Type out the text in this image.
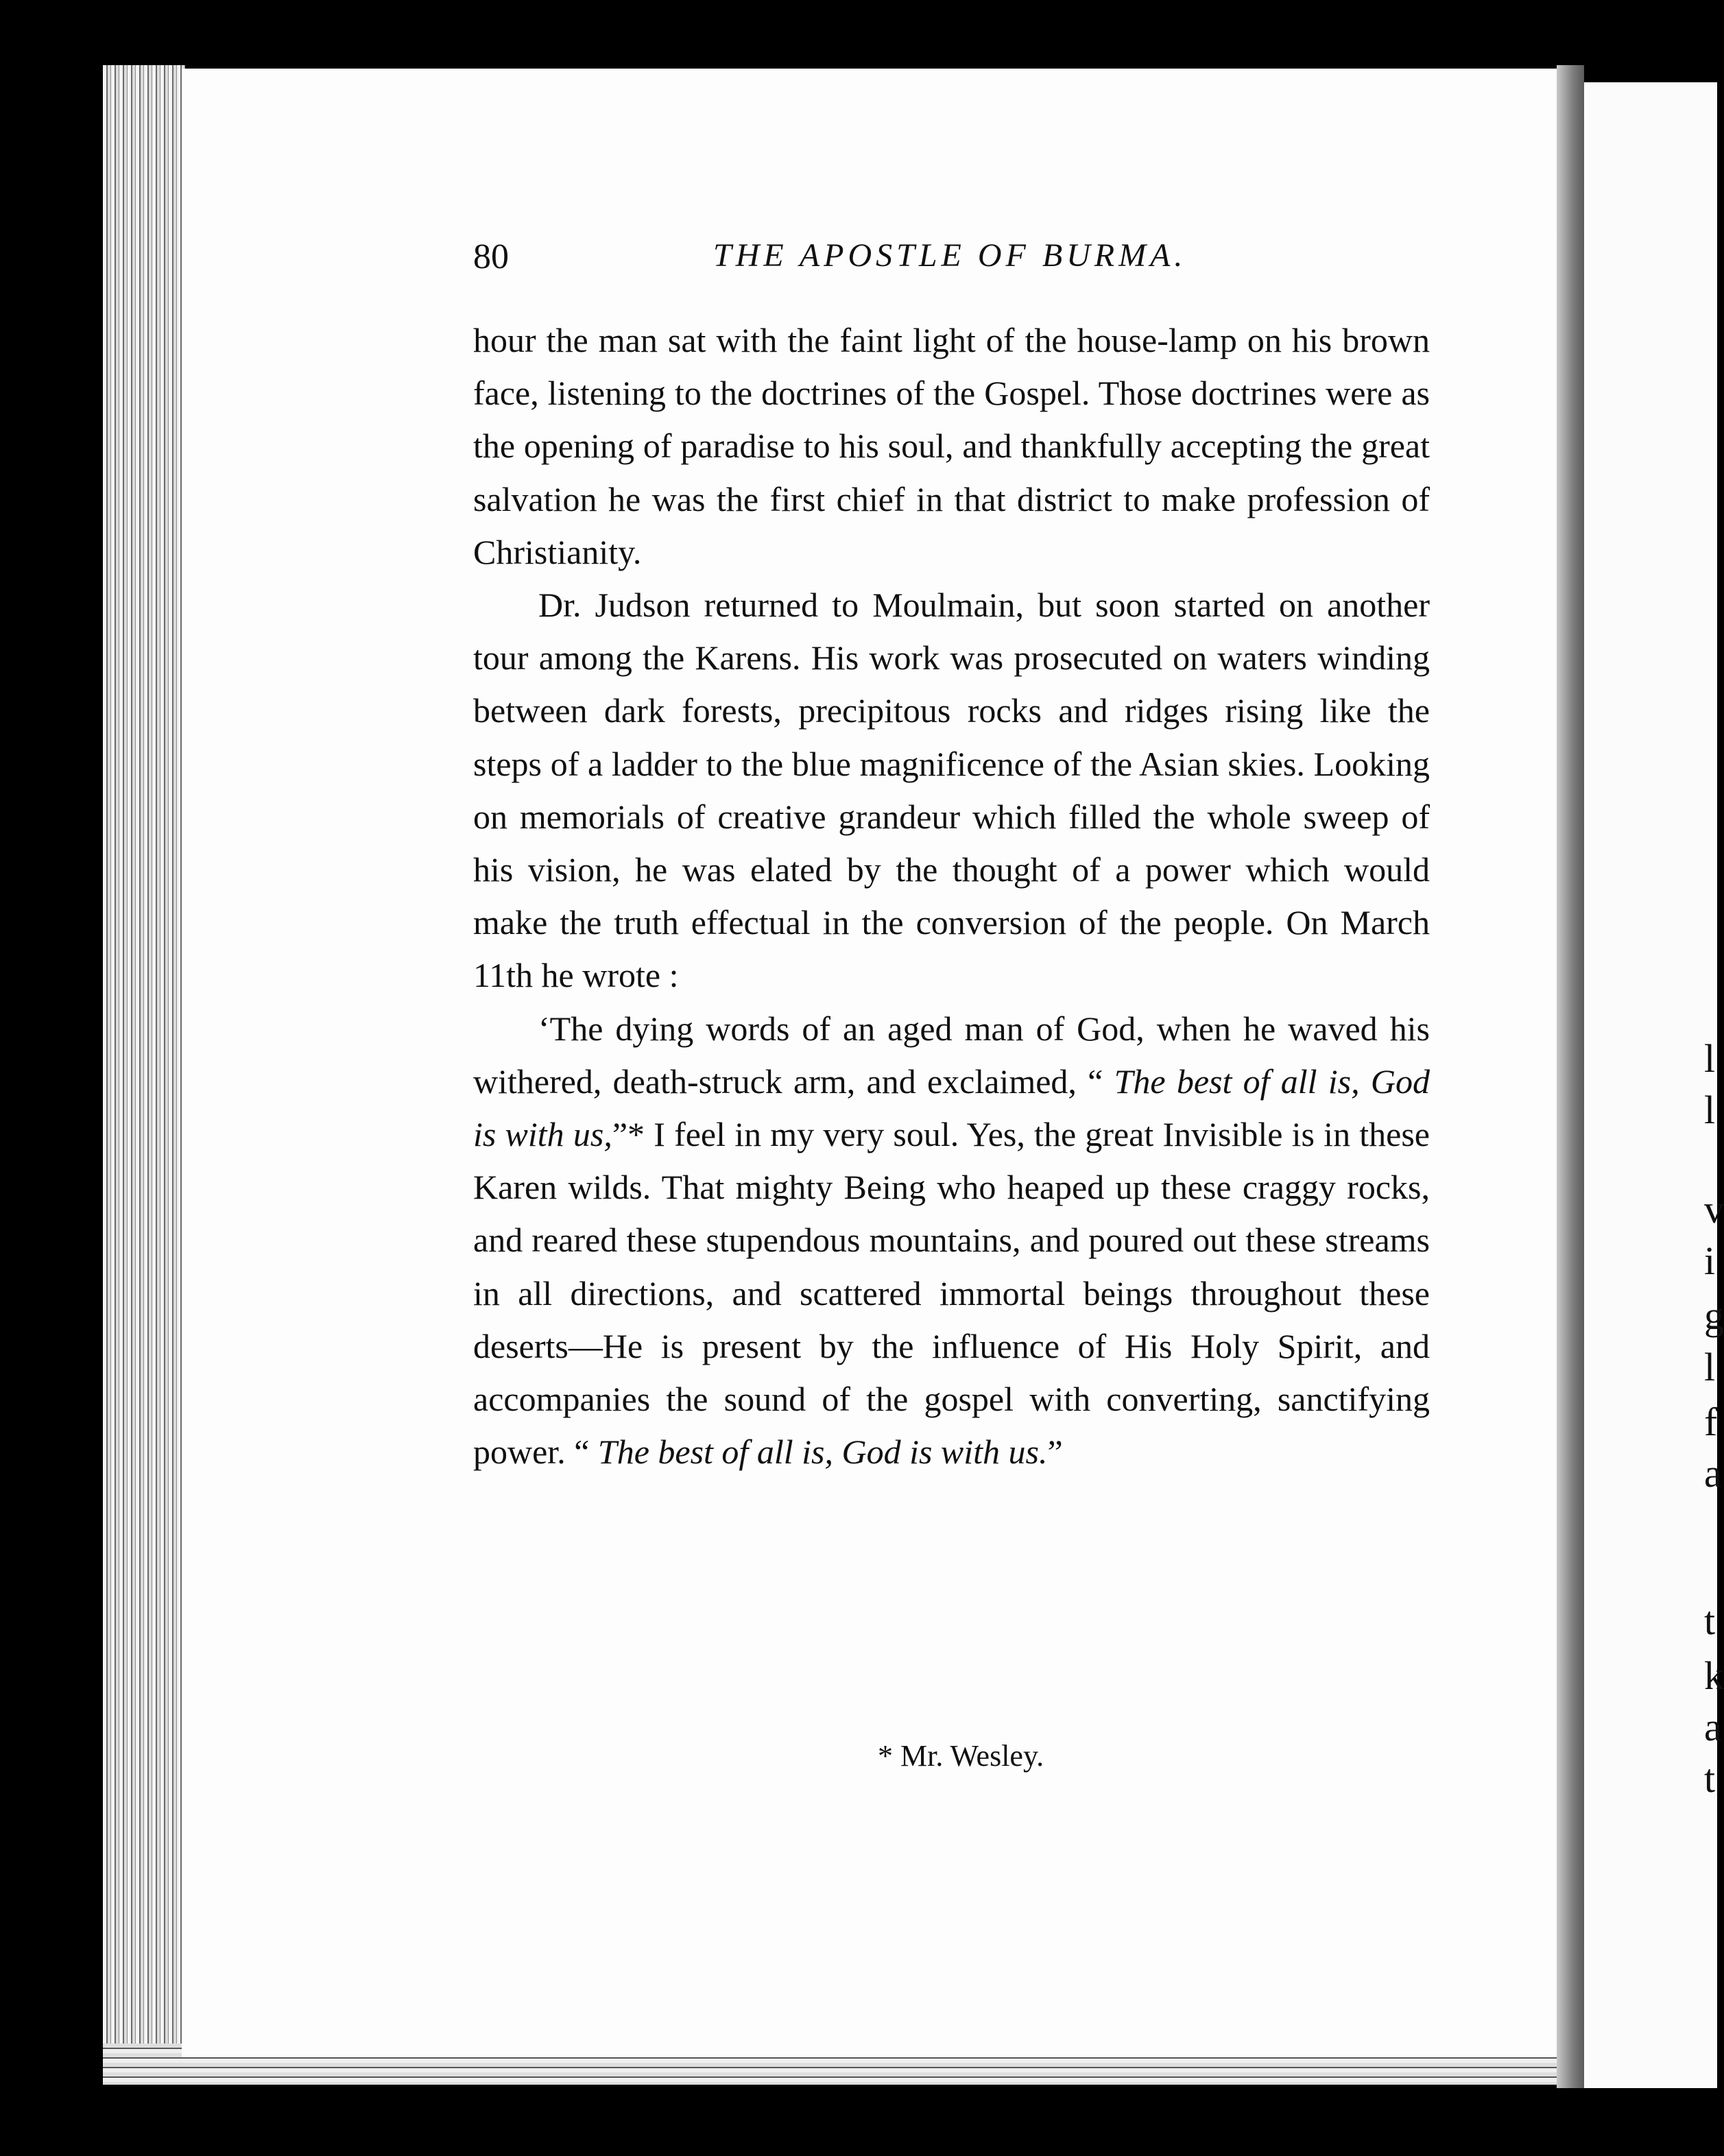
l
l
v
i
g
l
f
a
t
k
a
t
80	THE APOSTLE OF BURMA.

hour the man sat with the faint light of the house-lamp on his brown face, listening to the doctrines of the Gospel. Those doctrines were as the opening of paradise to his soul, and thankfully accepting the great salvation he was the first chief in that district to make profession of Christianity.

Dr. Judson returned to Moulmain, but soon started on another tour among the Karens. His work was prosecuted on waters winding between dark forests, precipitous rocks and ridges rising like the steps of a ladder to the blue magnificence of the Asian skies. Looking on memorials of creative grandeur which filled the whole sweep of his vision, he was elated by the thought of a power which would make the truth effectual in the conversion of the people. On March 11th he wrote :

‘The dying words of an aged man of God, when he waved his withered, death-struck arm, and exclaimed, “ The best of all is, God is with us,”* I feel in my very soul. Yes, the great Invisible is in these Karen wilds. That mighty Being who heaped up these craggy rocks, and reared these stupendous mountains, and poured out these streams in all directions, and scattered immortal beings throughout these deserts—He is present by the influence of His Holy Spirit, and accompanies the sound of the gospel with converting, sanctifying power. “ The best of all is, God is with us.”

* Mr. Wesley.
